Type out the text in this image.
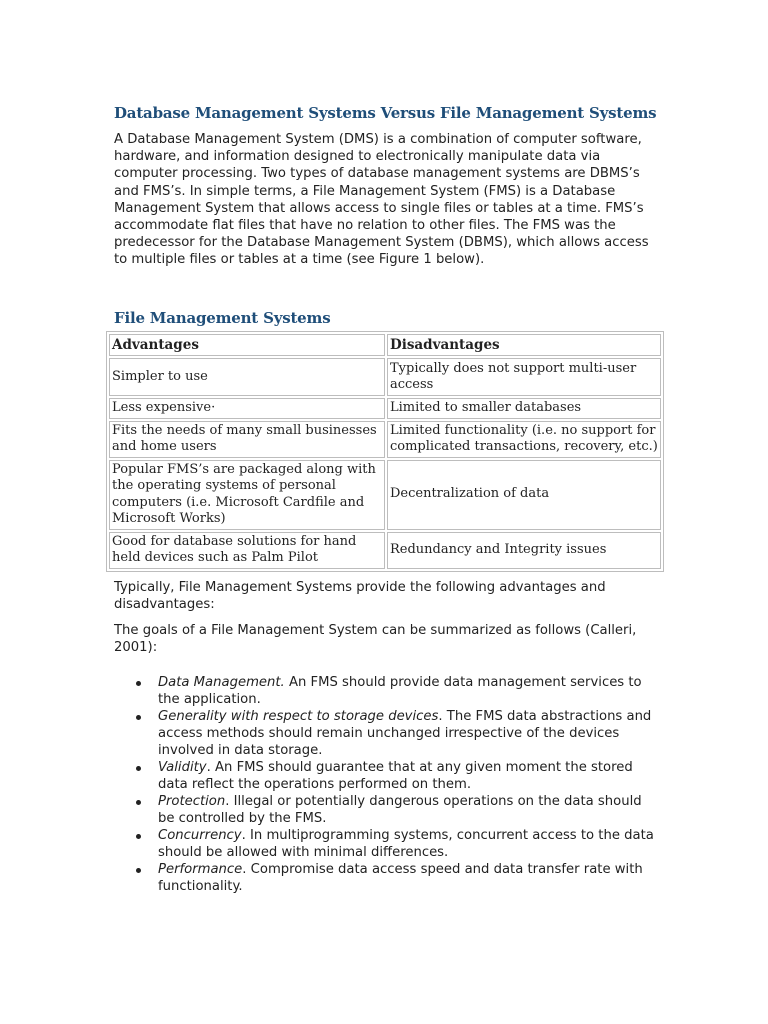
Database Management Systems Versus File Management Systems

A Database Management System (DMS) is a combination of computer software, hardware, and information designed to electronically manipulate data via computer processing. Two types of database management systems are DBMS’s and FMS’s. In simple terms, a File Management System (FMS) is a Database Management System that allows access to single files or tables at a time. FMS’s accommodate flat files that have no relation to other files. The FMS was the predecessor for the Database Management System (DBMS), which allows access to multiple files or tables at a time (see Figure 1 below).

File Management Systems
Advantages	Disadvantages
Simpler to use	Typically does not support multi-user access
Less expensive·	Limited to smaller databases
Fits the needs of many small businesses and home users	Limited functionality (i.e. no support for complicated transactions, recovery, etc.)
Popular FMS’s are packaged along with the operating systems of personal computers (i.e. Microsoft Cardfile and Microsoft Works)	Decentralization of data
Good for database solutions for hand held devices such as Palm Pilot	Redundancy and Integrity issues

Typically, File Management Systems provide the following advantages and disadvantages:

The goals of a File Management System can be summarized as follows (Calleri, 2001):

Data Management. An FMS should provide data management services to the application.
Generality with respect to storage devices. The FMS data abstractions and access methods should remain unchanged irrespective of the devices involved in data storage.
Validity. An FMS should guarantee that at any given moment the stored data reflect the operations performed on them.
Protection. Illegal or potentially dangerous operations on the data should be controlled by the FMS.
Concurrency. In multiprogramming systems, concurrent access to the data should be allowed with minimal differences.
Performance. Compromise data access speed and data transfer rate with functionality.
